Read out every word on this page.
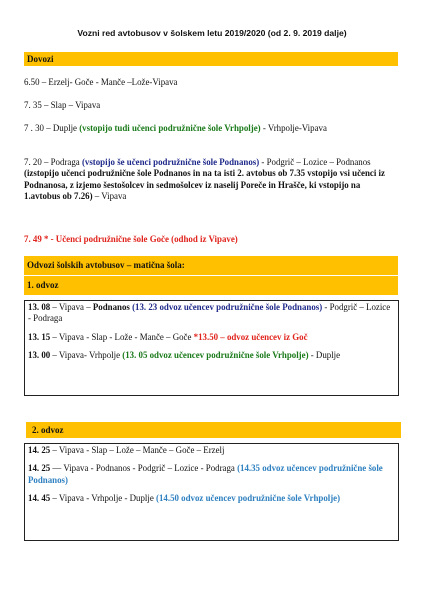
Vozni red avtobusov v šolskem letu 2019/2020 (od 2. 9. 2019 dalje)
Dovozi

6.50 – Erzelj- Goče - Manče –Lože-Vipava

7. 35 – Slap – Vipava

7 . 30 – Duplje (vstopijo tudi učenci podružnične šole Vrhpolje) - Vrhpolje-Vipava

7. 20 – Podraga (vstopijo še učenci podružnične šole Podnanos) - Podgrič – Lozice – Podnanos (izstopijo učenci podružnične šole Podnanos in na ta isti 2. avtobus ob 7.35 vstopijo vsi učenci iz Podnanosa, z izjemo šestošolcev in sedmošolcev iz naselij Poreče in Hrašče, ki vstopijo na 1.avtobus ob 7.26) – Vipava

7. 49 * - Učenci podružnične šole Goče (odhod iz Vipave)

Odvozi šolskih avtobusov – matična šola:
1. odvoz

13. 08 – Vipava – Podnanos (13. 23 odvoz učencev podružnične šole Podnanos) - Podgrič – Lozice - Podraga

13. 15 – Vipava - Slap - Lože - Manče – Goče *13.50 – odvoz učencev iz Goč

13. 00 – Vipava- Vrhpolje (13. 05 odvoz učencev podružnične šole Vrhpolje) - Duplje

2. odvoz

14. 25 – Vipava - Slap – Lože – Manče – Goče – Erzelj

14. 25 — Vipava - Podnanos - Podgrič – Lozice - Podraga (14.35 odvoz učencev podružnične šole Podnanos)

14. 45 – Vipava - Vrhpolje - Duplje (14.50 odvoz učencev podružnične šole Vrhpolje)
